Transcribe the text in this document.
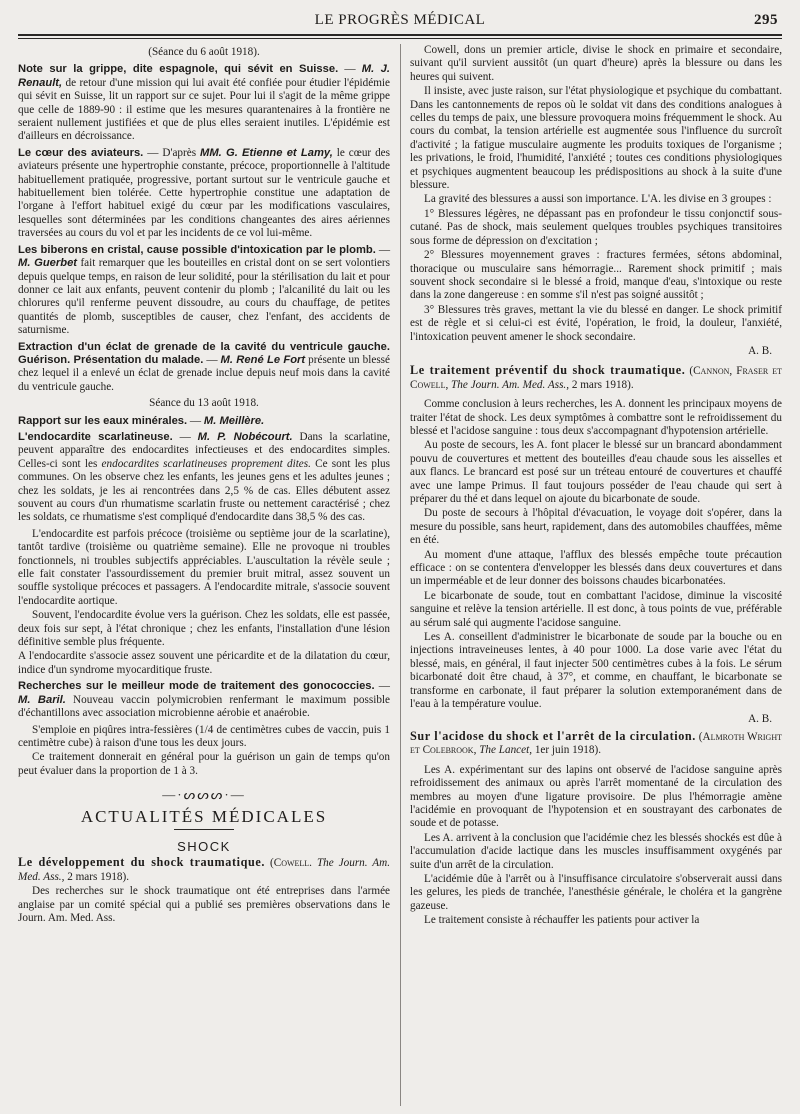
LE PROGRÈS MÉDICAL	295

(Séance du 6 août 1918).

Note sur la grippe, dite espagnole, qui sévit en Suisse. — M. J. Renault, de retour d'une mission qui lui avait été confiée pour étudier l'épidémie qui sévit en Suisse, lit un rapport sur ce sujet. Pour lui il s'agit de la même grippe que celle de 1889-90 : il estime que les mesures quarantenaires à la frontière ne seraient nullement justifiées et que de plus elles seraient inutiles. L'épidémie est d'ailleurs en décroissance.

Le cœur des aviateurs. — D'après MM. G. Etienne et Lamy, le cœur des aviateurs présente une hypertrophie constante, précoce, proportionnelle à l'altitude habituellement pratiquée, progressive, portant surtout sur le ventricule gauche et habituellement bien tolérée. Cette hypertrophie constitue une adaptation de l'organe à l'effort habituel exigé du cœur par les modifications vasculaires, lesquelles sont déterminées par les conditions changeantes des aires aériennes traversées au cours du vol et par les incidents de ce vol lui-même.

Les biberons en cristal, cause possible d'intoxication par le plomb. — M. Guerbet fait remarquer que les bouteilles en cristal dont on se sert volontiers depuis quelque temps, en raison de leur solidité, pour la stérilisation du lait et pour donner ce lait aux enfants, peuvent contenir du plomb ; l'alcanilité du lait ou les chlorures qu'il renferme peuvent dissoudre, au cours du chauffage, de petites quantités de plomb, susceptibles de causer, chez l'enfant, des accidents de saturnisme.

Extraction d'un éclat de grenade de la cavité du ventricule gauche. Guérison. Présentation du malade. — M. René Le Fort présente un blessé chez lequel il a enlevé un éclat de grenade inclue depuis neuf mois dans la cavité du ventricule gauche.

Séance du 13 août 1918.

Rapport sur les eaux minérales. — M. Meillère.

L'endocardite scarlatineuse. — M. P. Nobécourt. Dans la scarlatine, peuvent apparaître des endocardites infectieuses et des endocardites simples. Celles-ci sont les endocardites scarlatineuses proprement dites. Ce sont les plus communes. On les observe chez les enfants, les jeunes gens et les adultes jeunes ; chez les soldats, je les ai rencontrées dans 2,5 % de cas. Elles débutent assez souvent au cours d'un rhumatisme scarlatin fruste ou nettement caractérisé ; chez les soldats, ce rhumatisme s'est compliqué d'endocardite dans 38,5 % des cas.

L'endocardite est parfois précoce (troisième ou septième jour de la scarlatine), tantôt tardive (troisième ou quatrième semaine). Elle ne provoque ni troubles fonctionnels, ni troubles subjectifs appréciables. L'auscultation la révèle seule ; elle fait constater l'assourdissement du premier bruit mitral, assez souvent un souffle systolique précoces et passagers. A l'endocardite mitrale, s'associe souvent l'endocardite aortique.

Souvent, l'endocardite évolue vers la guérison. Chez les soldats, elle est passée, deux fois sur sept, à l'état chronique ; chez les enfants, l'installation d'une lésion définitive semble plus fréquente.

A l'endocardite s'associe assez souvent une péricardite et de la dilatation du cœur, indice d'un syndrome myocarditique fruste.

Recherches sur le meilleur mode de traitement des gonococcies. — M. Baril. Nouveau vaccin polymicrobien renfermant le maximum possible d'échantillons avec association microbienne aérobie et anaérobie.

S'emploie en piqûres intra-fessières (1/4 de centimètres cubes de vaccin, puis 1 centimètre cube) à raison d'une tous les deux jours.

Ce traitement donnerait en général pour la guérison un gain de temps qu'on peut évaluer dans la proportion de 1 à 3.

—·ᔕᔕᔕ·—
ACTUALITÉS MÉDICALES
SHOCK

Le développement du shock traumatique. (Cowell. The Journ. Am. Med. Ass., 2 mars 1918).

Des recherches sur le shock traumatique ont été entreprises dans l'armée anglaise par un comité spécial qui a publié ses premières observations dans le Journ. Am. Med. Ass.

Cowell, dons un premier article, divise le shock en primaire et secondaire, suivant qu'il survient aussitôt (un quart d'heure) après la blessure ou dans les heures qui suivent.

Il insiste, avec juste raison, sur l'état physiologique et psychique du combattant. Dans les cantonnements de repos où le soldat vit dans des conditions analogues à celles du temps de paix, une blessure provoquera moins fréquemment le shock. Au cours du combat, la tension artérielle est augmentée sous l'influence du surcroît d'activité ; la fatigue musculaire augmente les produits toxiques de l'organisme ; les privations, le froid, l'humidité, l'anxiété ; toutes ces conditions physiologiques et psychiques augmentent beaucoup les prédispositions au shock à la suite d'une blessure.

La gravité des blessures a aussi son importance. L'A. les divise en 3 groupes :

1° Blessures légères, ne dépassant pas en profondeur le tissu conjonctif sous-cutané. Pas de shock, mais seulement quelques troubles psychiques transitoires sous forme de dépression on d'excitation ;

2° Blessures moyennement graves : fractures fermées, sétons abdominal, thoracique ou musculaire sans hémorragie... Rarement shock primitif ; mais souvent shock secondaire si le blessé a froid, manque d'eau, s'intoxique ou reste dans la zone dangereuse : en somme s'il n'est pas soigné aussitôt ;

3° Blessures très graves, mettant la vie du blessé en danger. Le shock primitif est de règle et si celui-ci est évité, l'opération, le froid, la douleur, l'anxiété, l'intoxication peuvent amener le shock secondaire.

A. B.

Le traitement préventif du shock traumatique. (Cannon, Fraser et Cowell, The Journ. Am. Med. Ass., 2 mars 1918).

Comme conclusion à leurs recherches, les A. donnent les principaux moyens de traiter l'état de shock. Les deux symptômes à combattre sont le refroidissement du blessé et l'acidose sanguine : tous deux s'accompagnant d'hypotension artérielle.

Au poste de secours, les A. font placer le blessé sur un brancard abondamment pouvu de couvertures et mettent des bouteilles d'eau chaude sous les aisselles et aux flancs. Le brancard est posé sur un tréteau entouré de couvertures et chauffé avec une lampe Primus. Il faut toujours posséder de l'eau chaude qui sert à préparer du thé et dans lequel on ajoute du bicarbonate de soude.

Du poste de secours à l'hôpital d'évacuation, le voyage doit s'opérer, dans la mesure du possible, sans heurt, rapidement, dans des automobiles chauffées, même en été.

Au moment d'une attaque, l'afflux des blessés empêche toute précaution efficace : on se contentera d'envelopper les blessés dans deux couvertures et dans un imperméable et de leur donner des boissons chaudes bicarbonatées.

Le bicarbonate de soude, tout en combattant l'acidose, diminue la viscosité sanguine et relève la tension artérielle. Il est donc, à tous points de vue, préférable au sérum salé qui augmente l'acidose sanguine.

Les A. conseillent d'administrer le bicarbonate de soude par la bouche ou en injections intraveineuses lentes, à 40 pour 1000. La dose varie avec l'état du blessé, mais, en général, il faut injecter 500 centimètres cubes à la fois. Le sérum bicarbonaté doit être chaud, à 37°, et comme, en chauffant, le bicarbonate se transforme en carbonate, il faut préparer la solution extemporanément dans de l'eau à la température voulue.

A. B.

Sur l'acidose du shock et l'arrêt de la circulation. (Almroth Wright et Colebrook, The Lancet, 1er juin 1918).

Les A. expérimentant sur des lapins ont observé de l'acidose sanguine après refroidissement des animaux ou après l'arrêt momentané de la circulation des membres au moyen d'une ligature provisoire. De plus l'hémorragie amène l'acidémie en provoquant de l'hypotension et en soustrayant des carbonates de soude et de potasse.

Les A. arrivent à la conclusion que l'acidémie chez les blessés shockés est dûe à l'accumulation d'acide lactique dans les muscles insuffisamment oxygénés par suite d'un arrêt de la circulation.

L'acidémie dûe à l'arrêt ou à l'insuffisance circulatoire s'observerait aussi dans les gelures, les pieds de tranchée, l'anesthésie générale, le choléra et la gangrène gazeuse.

Le traitement consiste à réchauffer les patients pour activer la
